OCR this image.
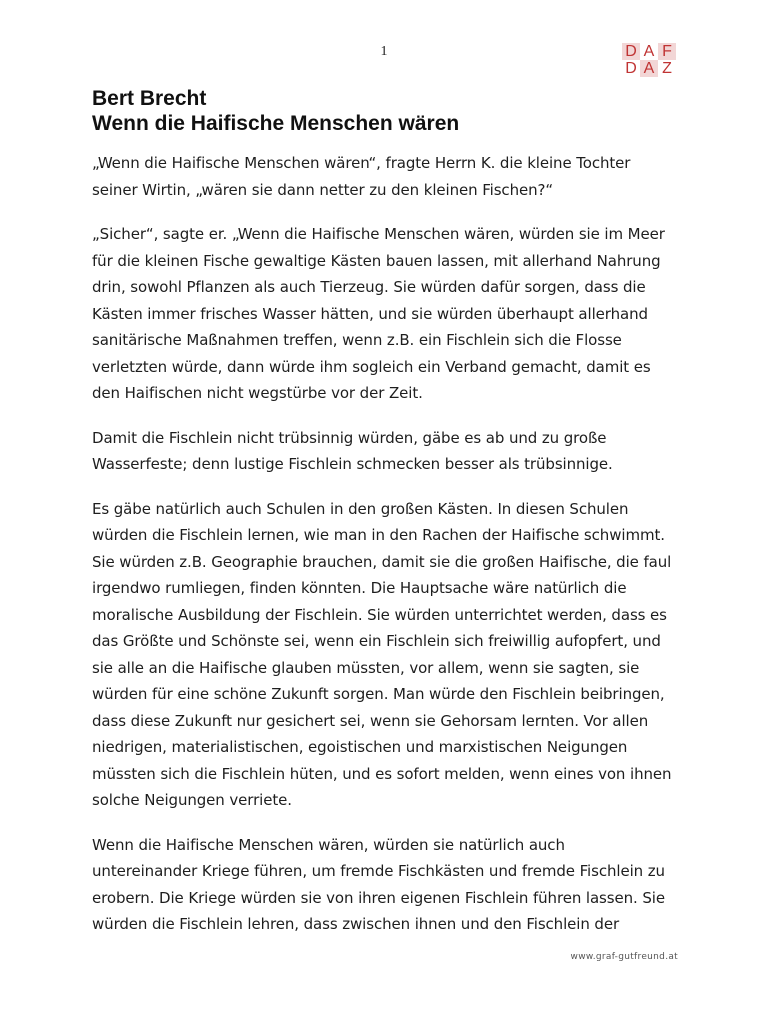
1	D A F
D A Z
Bert Brecht
Wenn die Haifische Menschen wären

„Wenn die Haifische Menschen wären“, fragte Herrn K. die kleine Tochter
seiner Wirtin, „wären sie dann netter zu den kleinen Fischen?“

„Sicher“, sagte er. „Wenn die Haifische Menschen wären, würden sie im Meer
für die kleinen Fische gewaltige Kästen bauen lassen, mit allerhand Nahrung
drin, sowohl Pflanzen als auch Tierzeug. Sie würden dafür sorgen, dass die
Kästen immer frisches Wasser hätten, und sie würden überhaupt allerhand
sanitärische Maßnahmen treffen, wenn z.B. ein Fischlein sich die Flosse
verletzten würde, dann würde ihm sogleich ein Verband gemacht, damit es
den Haifischen nicht wegstürbe vor der Zeit.

Damit die Fischlein nicht trübsinnig würden, gäbe es ab und zu große
Wasserfeste; denn lustige Fischlein schmecken besser als trübsinnige.

Es gäbe natürlich auch Schulen in den großen Kästen. In diesen Schulen
würden die Fischlein lernen, wie man in den Rachen der Haifische schwimmt.
Sie würden z.B. Geographie brauchen, damit sie die großen Haifische, die faul
irgendwo rumliegen, finden könnten. Die Hauptsache wäre natürlich die
moralische Ausbildung der Fischlein. Sie würden unterrichtet werden, dass es
das Größte und Schönste sei, wenn ein Fischlein sich freiwillig aufopfert, und
sie alle an die Haifische glauben müssten, vor allem, wenn sie sagten, sie
würden für eine schöne Zukunft sorgen. Man würde den Fischlein beibringen,
dass diese Zukunft nur gesichert sei, wenn sie Gehorsam lernten. Vor allen
niedrigen, materialistischen, egoistischen und marxistischen Neigungen
müssten sich die Fischlein hüten, und es sofort melden, wenn eines von ihnen
solche Neigungen verriete.

Wenn die Haifische Menschen wären, würden sie natürlich auch
untereinander Kriege führen, um fremde Fischkästen und fremde Fischlein zu
erobern. Die Kriege würden sie von ihren eigenen Fischlein führen lassen. Sie
würden die Fischlein lehren, dass zwischen ihnen und den Fischlein der

www.graf-gutfreund.at
